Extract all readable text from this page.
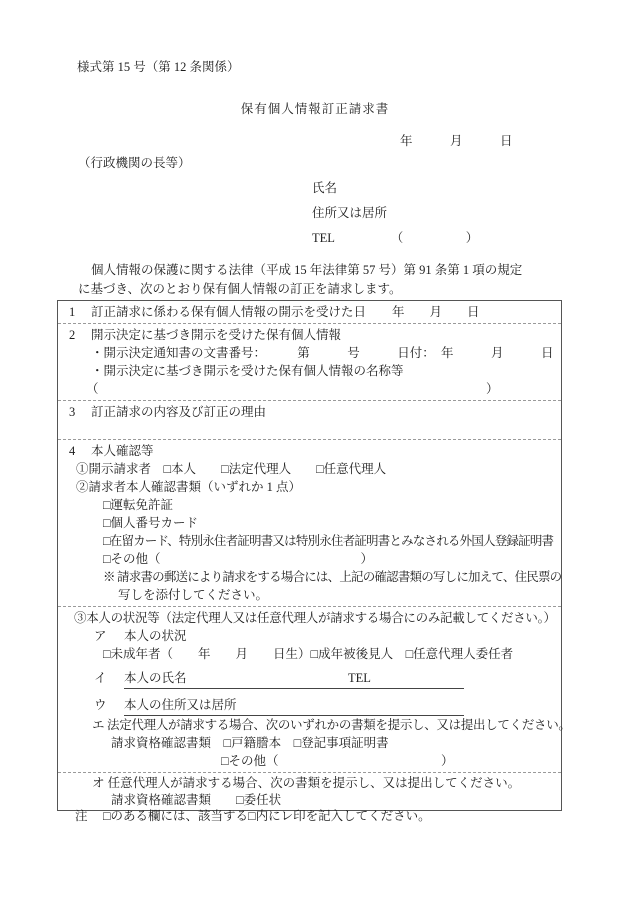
様式第 15 号（第 12 条関係）
保有個人情報訂正請求書
年　　　月　　　日
（行政機関の長等）
氏名
住所又は居所
TEL　　　　　（　　　　　）
個人情報の保護に関する法律（平成 15 年法律第 57 号）第 91 条第 1 項の規定
に基づき、次のとおり保有個人情報の訂正を請求します。
1 訂正請求に係わる保有個人情報の開示を受けた日 年　　月　　日
2 開示決定に基づき開示を受けた保有個人情報
・開示決定通知書の文書番号：　　　第　　　号　　　日付：　年　　　月　　　日
・開示決定に基づき開示を受けた保有個人情報の名称等
（　　　　　　　　　　　　　　　　　　　　　　　　　　　　　　　）
3 訂正請求の内容及び訂正の理由
4 本人確認等
①開示請求者　□本人　　□法定代理人　　□任意代理人
②請求者本人確認書類（いずれか 1 点）
□運転免許証
□個人番号カード
□在留カード、特別永住者証明書又は特別永住者証明書とみなされる外国人登録証明書
□その他（　　　　　　　　　　　　　　　　）
※ 請求書の郵送により請求をする場合には、上記の確認書類の写しに加えて、住民票の
写しを添付してください。
③本人の状況等（法定代理人又は任意代理人が請求する場合にのみ記載してください。）
ア 本人の状況
□未成年者（　　年　　月　　日生）□成年被後見人　□任意代理人委任者
イ 本人の氏名	TEL
ウ 本人の住所又は居所
エ 法定代理人が請求する場合、次のいずれかの書類を提示し、又は提出してください。
請求資格確認書類　 □戸籍謄本　 □登記事項証明書
□その他（　　　　　　　　　　　　　）
オ 任意代理人が請求する場合、次の書類を提示し、又は提出してください。
請求資格確認書類　　 □委任状
注 □のある欄には、該当する□内にレ印を記入してください。
